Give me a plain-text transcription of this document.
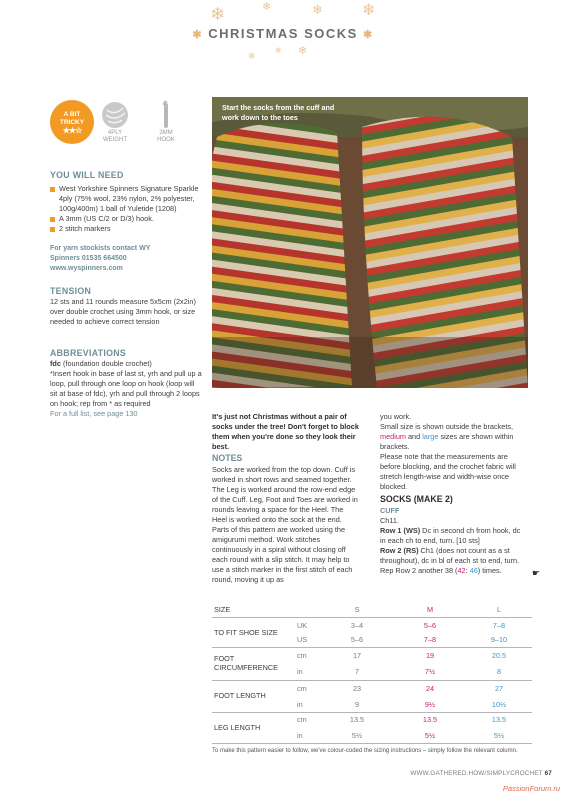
❄	❄	❄ ❄
✱ CHRISTMAS SOCKS ✱
❄
❄
❄
A BIT
TRICKY
★★☆	4PLY
WEIGHT
3MM
HOOK
YOU WILL NEED
West Yorkshire Spinners Signature Sparkle 4ply (75% wool, 23% nylon, 2% polyester, 100g/400m) 1 ball of Yuletide (1208)
A 3mm (US C/2 or D/3) hook.
2 stitch markers
For yarn stockists contact WY Spinners 01535 664500 www.wyspinners.com
TENSION
12 sts and 11 rounds measure 5x5cm (2x2in) over double crochet using 3mm hook, or size needed to achieve correct tension
ABBREVIATIONS
fdc (foundation double crochet)
*Insert hook in base of last st, yrh and pull up a loop, pull through one loop on hook (loop will sit at base of fdc), yrh and pull through 2 loops on hook; rep from * as required
For a full list, see page 130
Start the socks from the cuff and work down to the toes
It's just not Christmas without a pair of socks under the tree! Don't forget to block them when you're done so they look their best.
NOTES
Socks are worked from the top down. Cuff is worked in short rows and seamed together.
The Leg is worked around the row-end edge of the Cuff. Leg, Foot and Toes are worked in rounds leaving a space for the Heel. The Heel is worked onto the sock at the end.
Parts of this pattern are worked using the amigurumi method. Work stitches continuously in a spiral without closing off each round with a slip stitch. It may help to use a stitch marker in the first stitch of each round, moving it up as
you work.
Small size is shown outside the brackets, medium and large sizes are shown within brackets.
Please note that the measurements are before blocking, and the crochet fabric will stretch length-wise and width-wise once blocked.
SOCKS (MAKE 2)
CUFF
Ch11.
Row 1 (WS) Dc in second ch from hook, dc in each ch to end, turn. [10 sts]
Row 2 (RS) Ch1 (does not count as a st throughout), dc in bl of each st to end, turn.
Rep Row 2 another 38 (42: 46) times.	☛
SIZE	S	M	L
TO FIT SHOE SIZE
UK	3–4	5–6	7–8
US	5–6	7–8	9–10
FOOT CIRCUMFERENCE
cm	17	19	20.5
in	7	7½	8
FOOT LENGTH
cm	23	24	27
in	9	9½	10½
LEG LENGTH
cm	13.5	13.5	13.5
in	5½	5½	5½
To make this pattern easier to follow, we've colour-coded the sizing instructions – simply follow the relevant column.
WWW.GATHERED.HOW/SIMPLYCROCHET 67
PassionForum.ru
